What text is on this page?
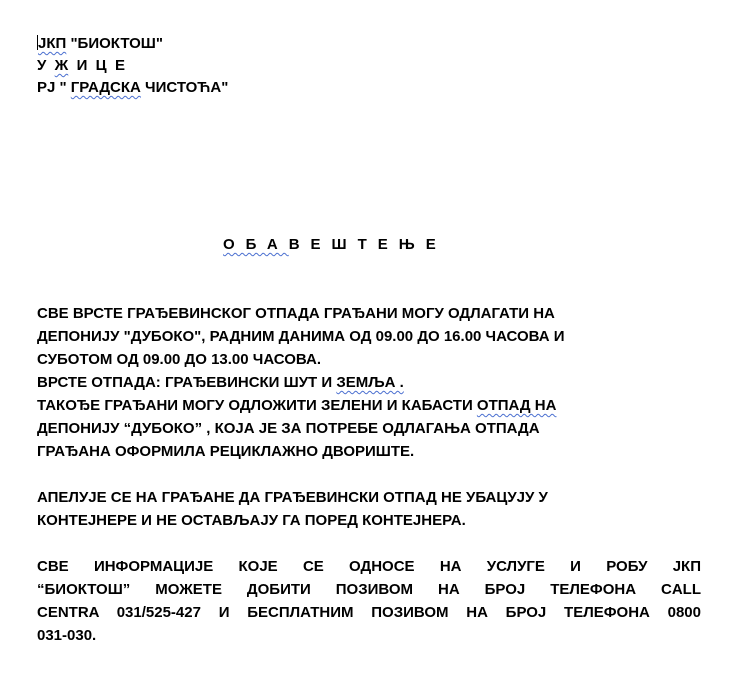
ЈКП "БИОКТОШ"
У  Ж  И  Ц  Е
РЈ " ГРАДСКА ЧИСТОЋА"
ОБАВЕШТЕЊЕ
СВЕ ВРСТЕ ГРАЂЕВИНСКОГ ОТПАДА ГРАЂАНИ МОГУ ОДЛАГАТИ НА
ДЕПОНИЈУ "ДУБОКО", РАДНИМ ДАНИМА ОД 09.00 ДО 16.00 ЧАСОВА И
СУБОТОМ ОД 09.00 ДО 13.00 ЧАСОВА.
ВРСТЕ ОТПАДА: ГРАЂЕВИНСКИ ШУТ И ЗЕМЉА .
ТАКОЂЕ ГРАЂАНИ МОГУ ОДЛОЖИТИ ЗЕЛЕНИ И КАБАСТИ ОТПАД НА
ДЕПОНИЈУ “ДУБОКО” , КОЈА ЈЕ ЗА ПОТРЕБЕ ОДЛАГАЊА ОТПАДА
ГРАЂАНА ОФОРМИЛА РЕЦИКЛАЖНО ДВОРИШТЕ.
АПЕЛУЈЕ СЕ НА ГРАЂАНЕ ДА ГРАЂЕВИНСКИ ОТПАД НЕ УБАЦУЈУ У
КОНТЕЈНЕРЕ И НЕ ОСТАВЉАЈУ ГА ПОРЕД КОНТЕЈНЕРА.
СВЕ ИНФОРМАЦИЈЕ КОЈЕ СЕ ОДНОСЕ НА УСЛУГЕ И РОБУ ЈКП
“БИОКТОШ” МОЖЕТЕ ДОБИТИ ПОЗИВОМ НА БРОЈ ТЕЛЕФОНА CALL
CENTRA 031/525-427 И БЕСПЛАТНИМ ПОЗИВОМ НА БРОЈ ТЕЛЕФОНА 0800
031-030.
